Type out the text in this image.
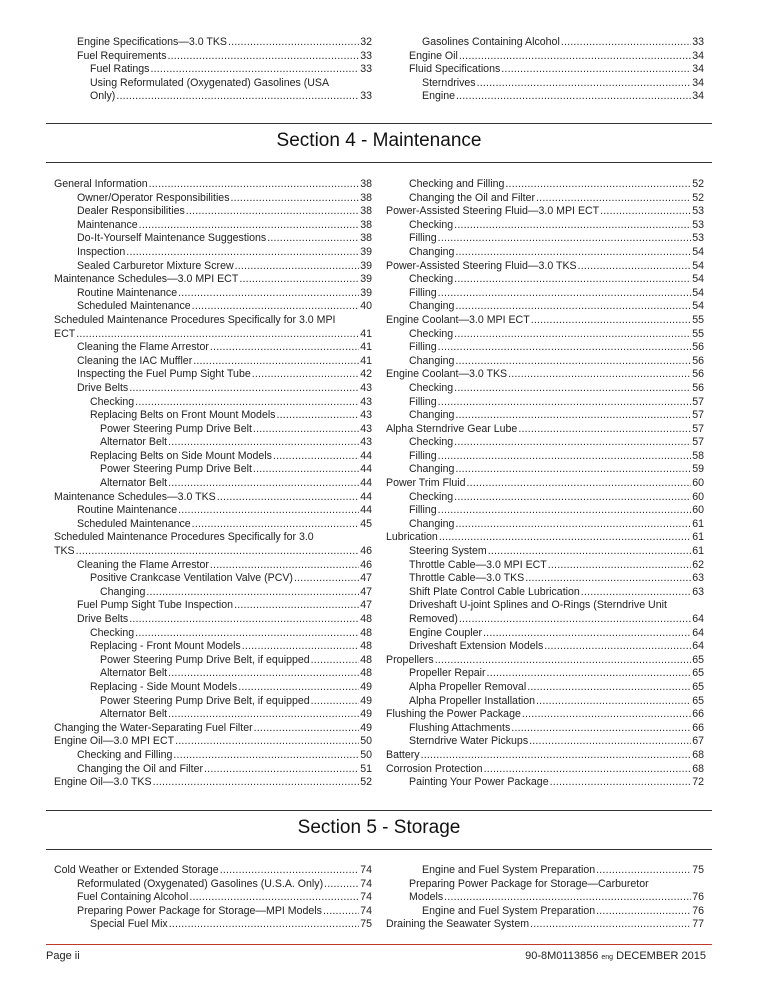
Engine Specifications—3.0 TKS .....	32
Fuel Requirements .....	33
Fuel Ratings .....	33
Using Reformulated (Oxygenated) Gasolines (USA
Only) .....	33
Gasolines Containing Alcohol .....	33
Engine Oil .....	34
Fluid Specifications .....	34
Sterndrives .....	34
Engine .....	34
Section 4 - Maintenance
General Information .....	38
Owner/Operator Responsibilities .....	38
Dealer Responsibilities .....	38
Maintenance .....	38
Do-It-Yourself Maintenance Suggestions .....	38
Inspection .....	39
Sealed Carburetor Mixture Screw .....	39
Maintenance Schedules—3.0 MPI ECT .....	39
Routine Maintenance .....	39
Scheduled Maintenance .....	40
Scheduled Maintenance Procedures Specifically for 3.0 MPI
ECT .....	41
Cleaning the Flame Arrestor .....	41
Cleaning the IAC Muffler .....	41
Inspecting the Fuel Pump Sight Tube .....	42
Drive Belts .....	43
Checking .....	43
Replacing Belts on Front Mount Models .....	43
Power Steering Pump Drive Belt .....	43
Alternator Belt .....	43
Replacing Belts on Side Mount Models .....	44
Power Steering Pump Drive Belt .....	44
Alternator Belt .....	44
Maintenance Schedules—3.0 TKS .....	44
Routine Maintenance .....	44
Scheduled Maintenance .....	45
Scheduled Maintenance Procedures Specifically for 3.0
TKS .....	46
Cleaning the Flame Arrestor .....	46
Positive Crankcase Ventilation Valve (PCV) .....	47
Changing .....	47
Fuel Pump Sight Tube Inspection .....	47
Drive Belts .....	48
Checking .....	48
Replacing - Front Mount Models .....	48
Power Steering Pump Drive Belt, if equipped .....	48
Alternator Belt .....	48
Replacing - Side Mount Models .....	49
Power Steering Pump Drive Belt, if equipped .....	49
Alternator Belt .....	49
Changing the Water-Separating Fuel Filter .....	49
Engine Oil—3.0 MPI ECT .....	50
Checking and Filling .....	50
Changing the Oil and Filter .....	51
Engine Oil—3.0 TKS .....	52
Checking and Filling .....	52
Changing the Oil and Filter .....	52
Power-Assisted Steering Fluid—3.0 MPI ECT .....	53
Checking .....	53
Filling .....	53
Changing .....	54
Power-Assisted Steering Fluid—3.0 TKS .....	54
Checking .....	54
Filling .....	54
Changing .....	54
Engine Coolant—3.0 MPI ECT .....	55
Checking .....	55
Filling .....	56
Changing .....	56
Engine Coolant—3.0 TKS .....	56
Checking .....	56
Filling .....	57
Changing .....	57
Alpha Sterndrive Gear Lube .....	57
Checking .....	57
Filling .....	58
Changing .....	59
Power Trim Fluid .....	60
Checking .....	60
Filling .....	60
Changing .....	61
Lubrication .....	61
Steering System .....	61
Throttle Cable—3.0 MPI ECT .....	62
Throttle Cable—3.0 TKS .....	63
Shift Plate Control Cable Lubrication .....	63
Driveshaft U-joint Splines and O-Rings (Sterndrive Unit
Removed) .....	64
Engine Coupler .....	64
Driveshaft Extension Models .....	64
Propellers .....	65
Propeller Repair .....	65
Alpha Propeller Removal .....	65
Alpha Propeller Installation .....	65
Flushing the Power Package .....	66
Flushing Attachments .....	66
Sterndrive Water Pickups .....	67
Battery .....	68
Corrosion Protection .....	68
Painting Your Power Package .....	72
Section 5 - Storage
Cold Weather or Extended Storage .....	74
Reformulated (Oxygenated) Gasolines (U.S.A. Only) .....	74
Fuel Containing Alcohol .....	74
Preparing Power Package for Storage—MPI Models .....	74
Special Fuel Mix .....	75
Engine and Fuel System Preparation .....	75
Preparing Power Package for Storage—Carburetor
Models .....	76
Engine and Fuel System Preparation .....	76
Draining the Seawater System .....	77
Page ii	90-8M0113856 eng DECEMBER 2015
